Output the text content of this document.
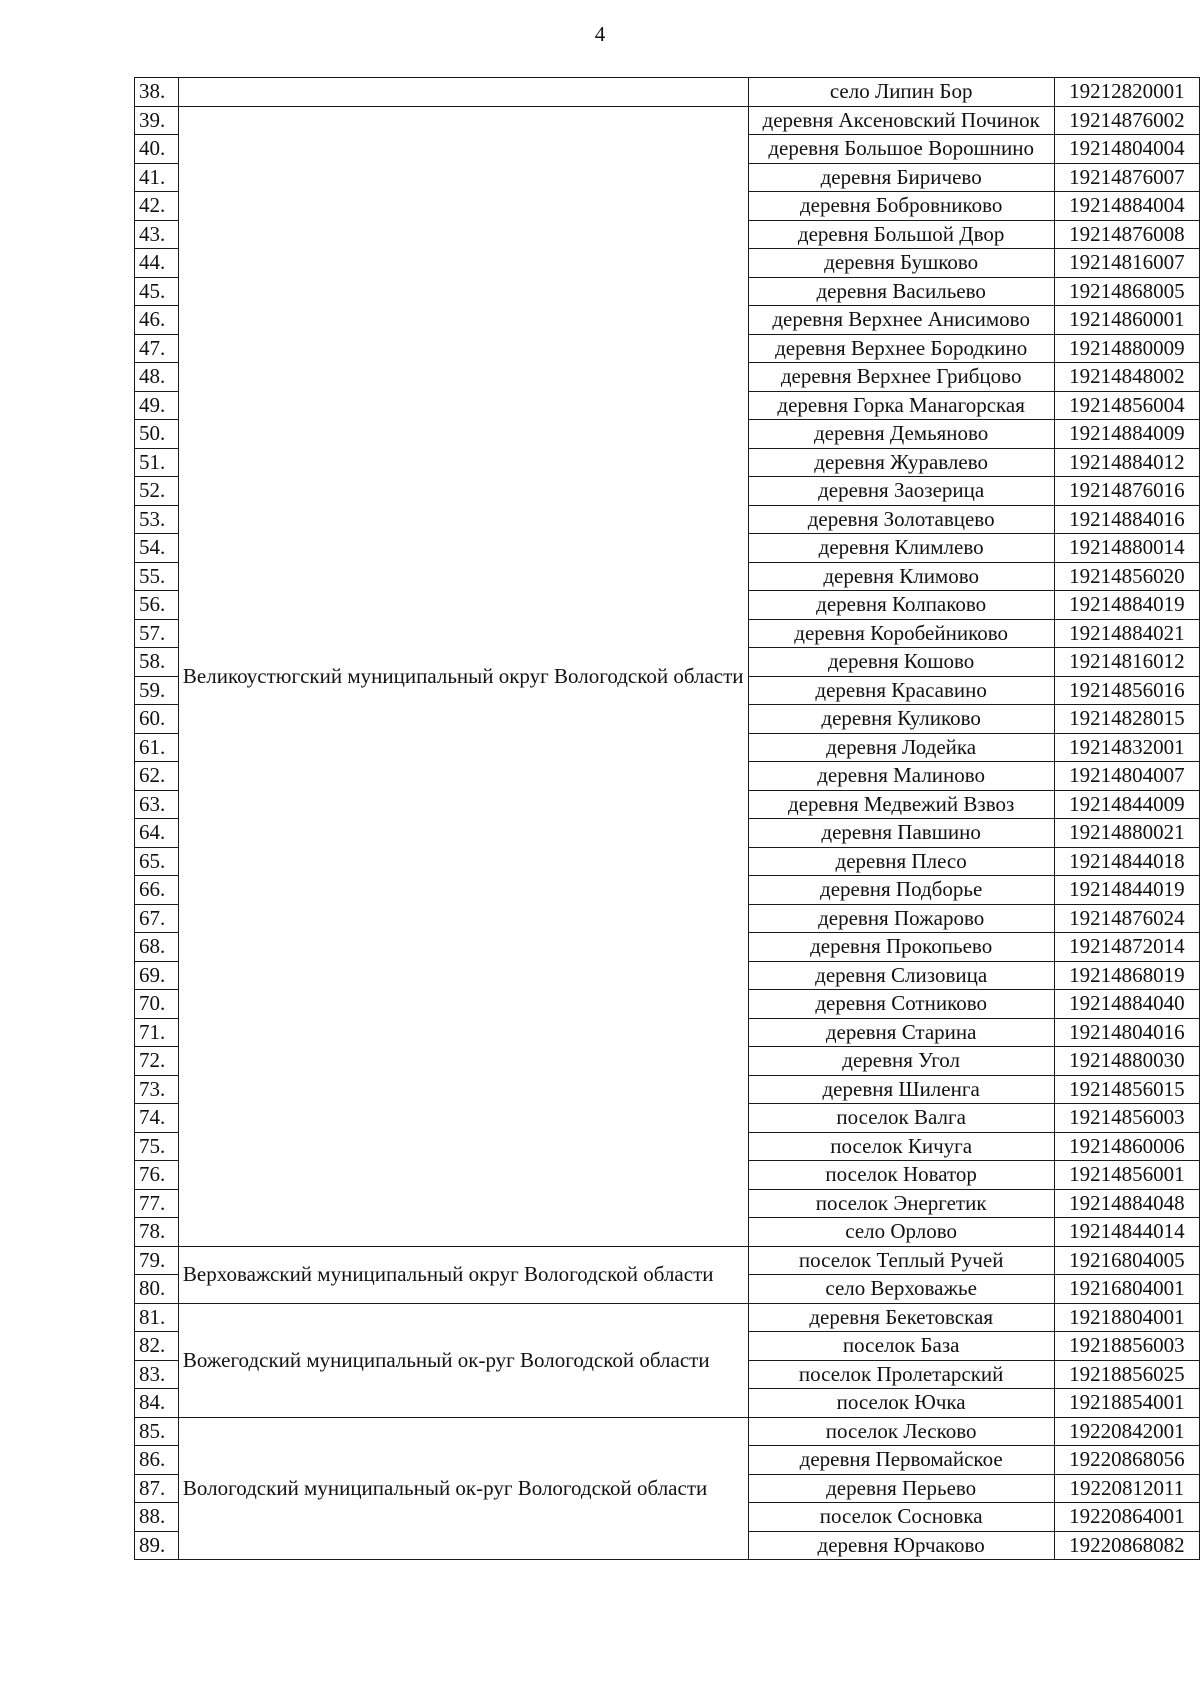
4
38.		село Липин Бор	19212820001
39.	Великоустюгский муниципальный округ Вологодской области	деревня Аксеновский Починок	19214876002
40.		деревня Большое Ворошнино	19214804004
41.		деревня Биричево	19214876007
42.		деревня Бобровниково	19214884004
43.		деревня Большой Двор	19214876008
44.		деревня Бушково	19214816007
45.		деревня Васильево	19214868005
46.		деревня Верхнее Анисимово	19214860001
47.		деревня Верхнее Бородкино	19214880009
48.		деревня Верхнее Грибцово	19214848002
49.		деревня Горка Манагорская	19214856004
50.		деревня Демьяново	19214884009
51.		деревня Журавлево	19214884012
52.		деревня Заозерица	19214876016
53.		деревня Золотавцево	19214884016
54.		деревня Климлево	19214880014
55.		деревня Климово	19214856020
56.		деревня Колпаково	19214884019
57.		деревня Коробейниково	19214884021
58.		деревня Кошово	19214816012
59.		деревня Красавино	19214856016
60.		деревня Куликово	19214828015
61.		деревня Лодейка	19214832001
62.		деревня Малиново	19214804007
63.		деревня Медвежий Взвоз	19214844009
64.		деревня Павшино	19214880021
65.		деревня Плесо	19214844018
66.		деревня Подборье	19214844019
67.		деревня Пожарово	19214876024
68.		деревня Прокопьево	19214872014
69.		деревня Слизовица	19214868019
70.		деревня Сотниково	19214884040
71.		деревня Старина	19214804016
72.		деревня Угол	19214880030
73.		деревня Шиленга	19214856015
74.		поселок Валга	19214856003
75.		поселок Кичуга	19214860006
76.		поселок Новатор	19214856001
77.		поселок Энергетик	19214884048
78.		село Орлово	19214844014
79.	Верховажский муниципальный округ Вологодской области	поселок Теплый Ручей	19216804005
80.		село Верховажье	19216804001
81.	Вожегодский муниципальный ок-руг Вологодской области	деревня Бекетовская	19218804001
82.		поселок База	19218856003
83.		поселок Пролетарский	19218856025
84.		поселок Ючка	19218854001
85.	Вологодский муниципальный ок-руг Вологодской области	поселок Лесково	19220842001
86.		деревня Первомайское	19220868056
87.		деревня Перьево	19220812011
88.		поселок Сосновка	19220864001
89.		деревня Юрчаково	19220868082
